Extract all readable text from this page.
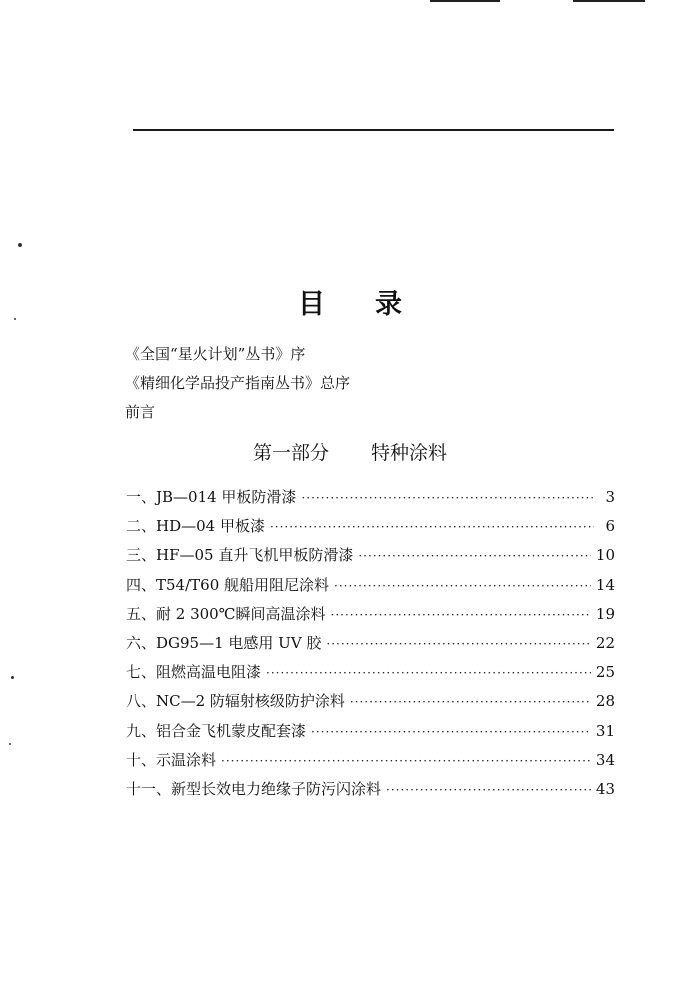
目 录
《全国“星火计划”丛书》序
《精细化学品投产指南丛书》总序
前言
第一部分 特种涂料
一、JB—014 甲板防滑漆 ·····	3
二、HD—04 甲板漆 ·····	6
三、HF—05 直升飞机甲板防滑漆 ·····	10
四、T54/T60 舰船用阻尼涂料 ·····	14
五、耐 2 300℃瞬间高温涂料 ·····	19
六、DG95—1 电感用 UV 胶 ·····	22
七、阻燃高温电阻漆 ·····	25
八、NC—2 防辐射核级防护涂料 ·····	28
九、铝合金飞机蒙皮配套漆 ·····	31
十、示温涂料 ·····	34
十一、新型长效电力绝缘子防污闪涂料 ·····	43
